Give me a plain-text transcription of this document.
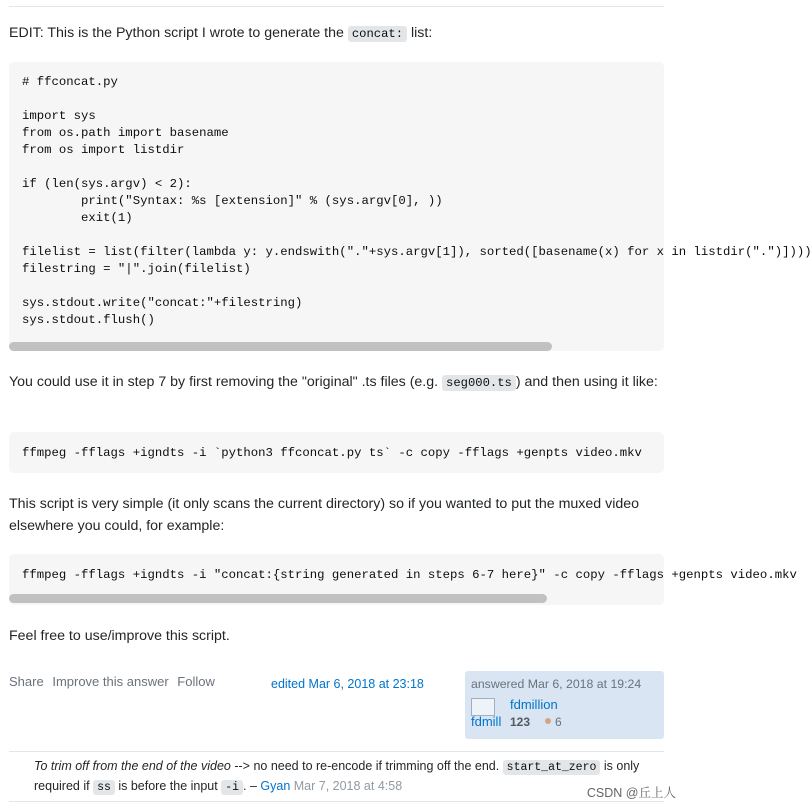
EDIT: This is the Python script I wrote to generate the concat: list:
# ffconcat.py

import sys
from os.path import basename
from os import listdir

if (len(sys.argv) < 2):
print("Syntax: %s [extension]" % (sys.argv[0], ))
exit(1)

filelist = list(filter(lambda y: y.endswith("."+sys.argv[1]), sorted([basename(x) for x in listdir(".")])))
filestring = "|".join(filelist)

sys.stdout.write("concat:"+filestring)
sys.stdout.flush()
You could use it in step 7 by first removing the "original" .ts files (e.g. seg000.ts ) and then using it like:
ffmpeg -fflags +igndts -i `python3 ffconcat.py ts` -c copy -fflags +genpts video.mkv
This script is very simple (it only scans the current directory) so if you wanted to put the muxed video elsewhere you could, for example:
ffmpeg -fflags +igndts -i "concat:{string generated in steps 6-7 here}" -c copy -fflags +genpts video.mkv
Feel free to use/improve this script.
Share Improve this answer Follow	edited Mar 6, 2018 at 23:18	answered Mar 6, 2018 at 19:24
fdmillion
fdmill 123 6
To trim off from the end of the video --> no need to re-encode if trimming off the end. start_at_zero is only required if ss is before the input -i . – Gyan Mar 7, 2018 at 4:58	CSDN @丘上人
